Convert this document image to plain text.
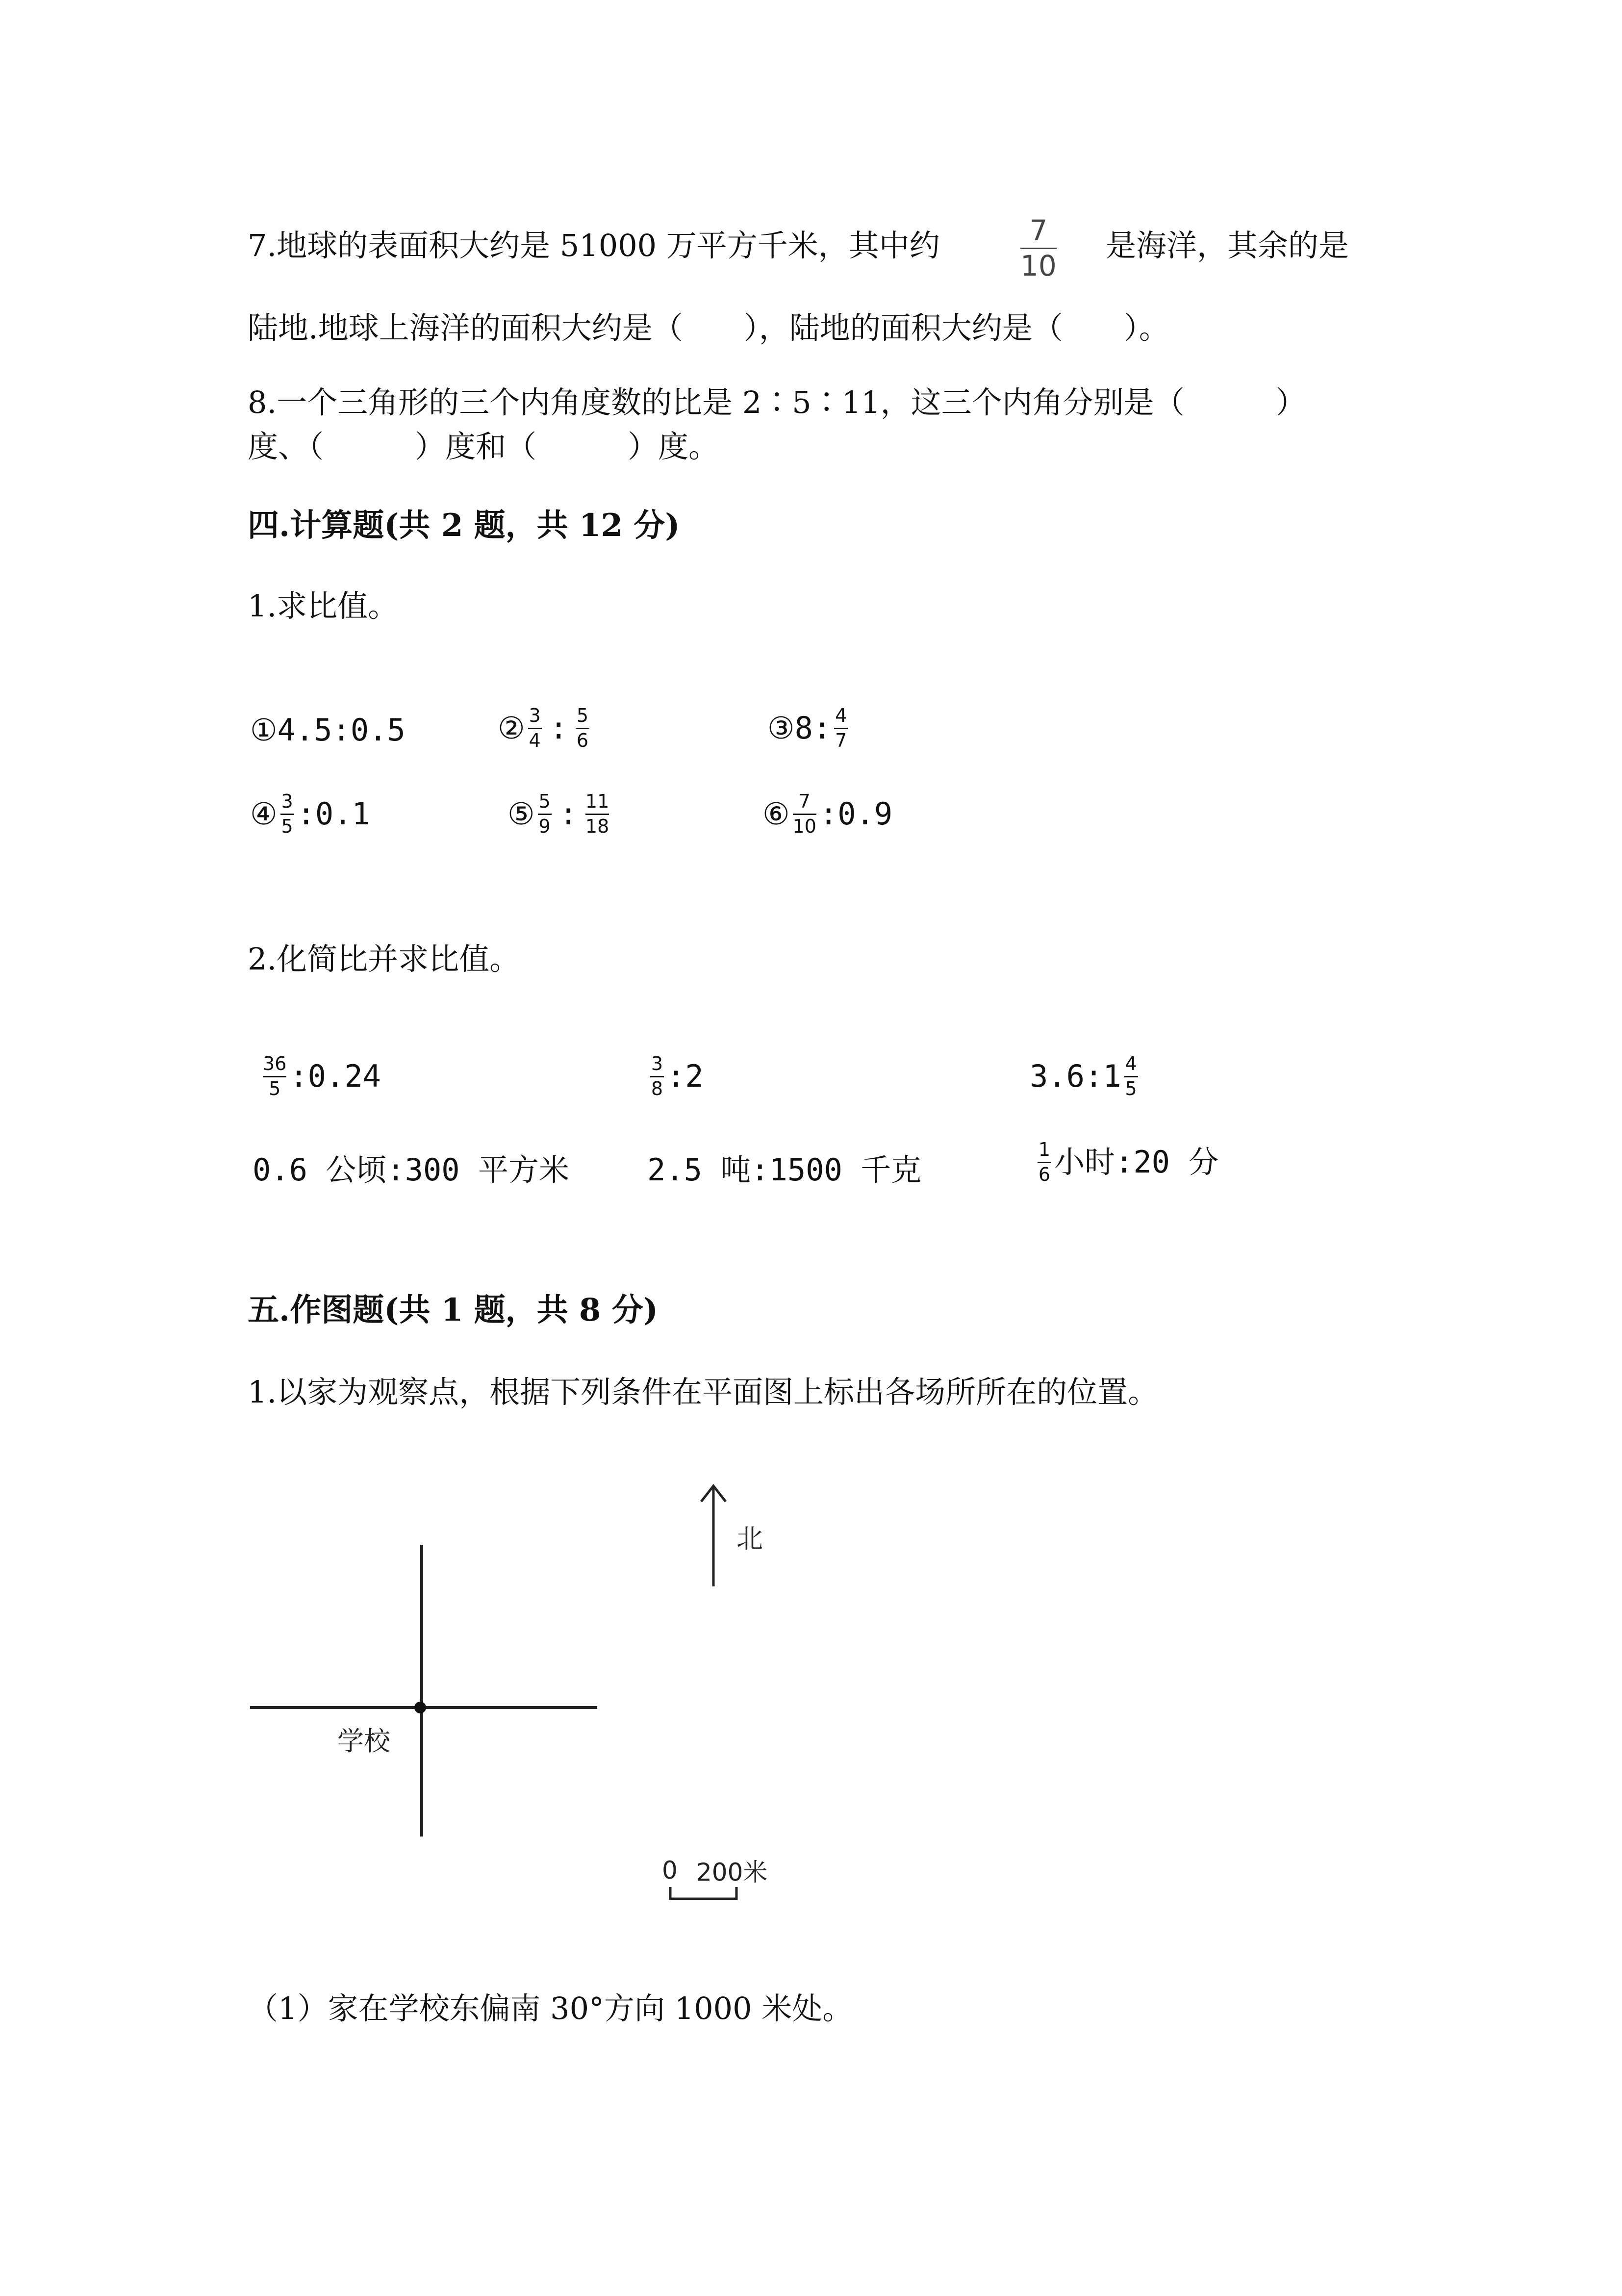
7.地球的表面积大约是 51000 万平方千米，其中约	$\frac{7}{10}$ 是海洋，其余的是
陆地.地球上海洋的面积大约是（　　），陆地的面积大约是（　　）。
8.一个三角形的三个内角度数的比是 2∶5∶11，这三个内角分别是（　　　）
度、（　　　）度和（　　　）度。
四.计算题(共 2 题，共 12 分)
1.求比值。
①4.5:0.5	② $\frac{3}{4}$ : $\frac{5}{6}$	③8: $\frac{4}{7}$
④ $\frac{3}{5}$ :0.1	⑤ $\frac{5}{9}$ : $\frac{11}{18}$	⑥ $\frac{7}{10}$ :0.9
2.化简比并求比值。
$\frac{36}{5}$ :0.24	$\frac{3}{8}$ :2	3.6:1 $\frac{4}{5}$
0.6 公顷:300 平方米	2.5 吨:1500 千克	$\frac{1}{6}$ 小时:20 分
五.作图题(共 1 题，共 8 分)
1.以家为观察点，根据下列条件在平面图上标出各场所所在的位置。
北
学校
0 200米
（1）家在学校东偏南 30°方向 1000 米处。
